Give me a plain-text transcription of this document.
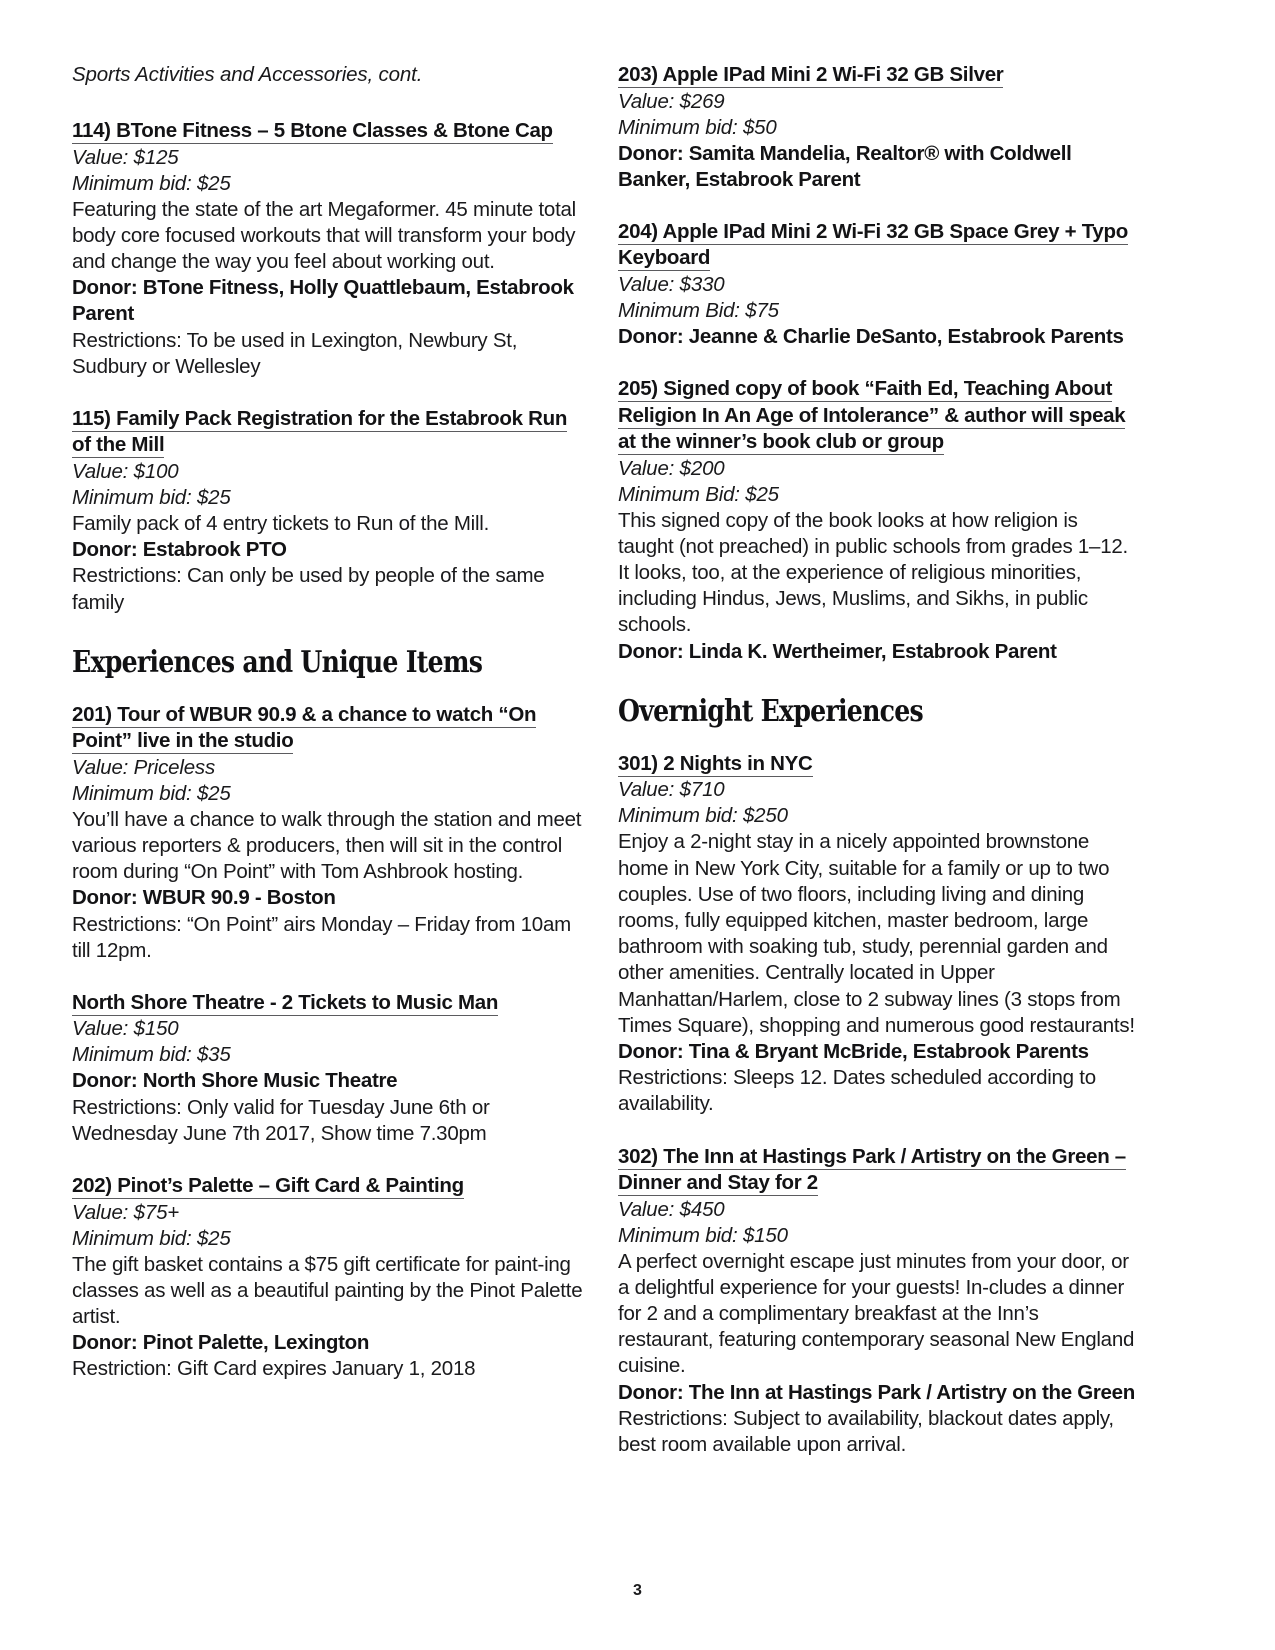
Sports Activities and Accessories, cont.

114) BTone Fitness – 5 Btone Classes & Btone Cap

Value: $125

Minimum bid: $25

Featuring the state of the art Megaformer. 45 minute total body core focused workouts that will transform your body and change the way you feel about working out.

Donor: BTone Fitness, Holly Quattlebaum, Estabrook Parent

Restrictions: To be used in Lexington, Newbury St, Sudbury or Wellesley

115) Family Pack Registration for the Estabrook Run of the Mill

Value: $100

Minimum bid: $25

Family pack of 4 entry tickets to Run of the Mill.

Donor: Estabrook PTO

Restrictions: Can only be used by people of the same family

Experiences and Unique Items
201) Tour of WBUR 90.9 & a chance to watch “On Point” live in the studio

Value: Priceless

Minimum bid: $25

You’ll have a chance to walk through the station and meet various reporters & producers, then will sit in the control room during “On Point” with Tom Ashbrook hosting.

Donor: WBUR 90.9 - Boston

Restrictions: “On Point” airs Monday – Friday from 10am till 12pm.

North Shore Theatre - 2 Tickets to Music Man

Value: $150

Minimum bid: $35

Donor: North Shore Music Theatre

Restrictions: Only valid for Tuesday June 6th or Wednesday June 7th 2017, Show time 7.30pm

202) Pinot’s Palette – Gift Card & Painting

Value: $75+

Minimum bid: $25

The gift basket contains a $75 gift certificate for paint-ing classes as well as a beautiful painting by the Pinot Palette artist.

Donor: Pinot Palette, Lexington

Restriction: Gift Card expires January 1, 2018

203) Apple IPad Mini 2 Wi-Fi 32 GB Silver

Value: $269

Minimum bid: $50

Donor: Samita Mandelia, Realtor® with Coldwell Banker, Estabrook Parent

204) Apple IPad Mini 2 Wi-Fi 32 GB Space Grey + Typo Keyboard

Value: $330

Minimum Bid: $75

Donor: Jeanne & Charlie DeSanto, Estabrook Parents

205) Signed copy of book “Faith Ed, Teaching About Religion In An Age of Intolerance” & author will speak at the winner’s book club or group

Value: $200

Minimum Bid: $25

This signed copy of the book looks at how religion is taught (not preached) in public schools from grades 1–12. It looks, too, at the experience of religious minorities, including Hindus, Jews, Muslims, and Sikhs, in public schools.

Donor: Linda K. Wertheimer, Estabrook Parent

Overnight Experiences
301) 2 Nights in NYC

Value: $710

Minimum bid: $250

Enjoy a 2-night stay in a nicely appointed brownstone home in New York City, suitable for a family or up to two couples. Use of two floors, including living and dining rooms, fully equipped kitchen, master bedroom, large bathroom with soaking tub, study, perennial garden and other amenities. Centrally located in Upper Manhattan/Harlem, close to 2 subway lines (3 stops from Times Square), shopping and numerous good restaurants!

Donor: Tina & Bryant McBride, Estabrook Parents

Restrictions: Sleeps 12. Dates scheduled according to availability.

302) The Inn at Hastings Park / Artistry on the Green – Dinner and Stay for 2

Value: $450

Minimum bid: $150

A perfect overnight escape just minutes from your door, or a delightful experience for your guests! In-cludes a dinner for 2 and a complimentary breakfast at the Inn’s restaurant, featuring contemporary seasonal New England cuisine.

Donor: The Inn at Hastings Park / Artistry on the Green

Restrictions: Subject to availability, blackout dates apply, best room available upon arrival.

3
